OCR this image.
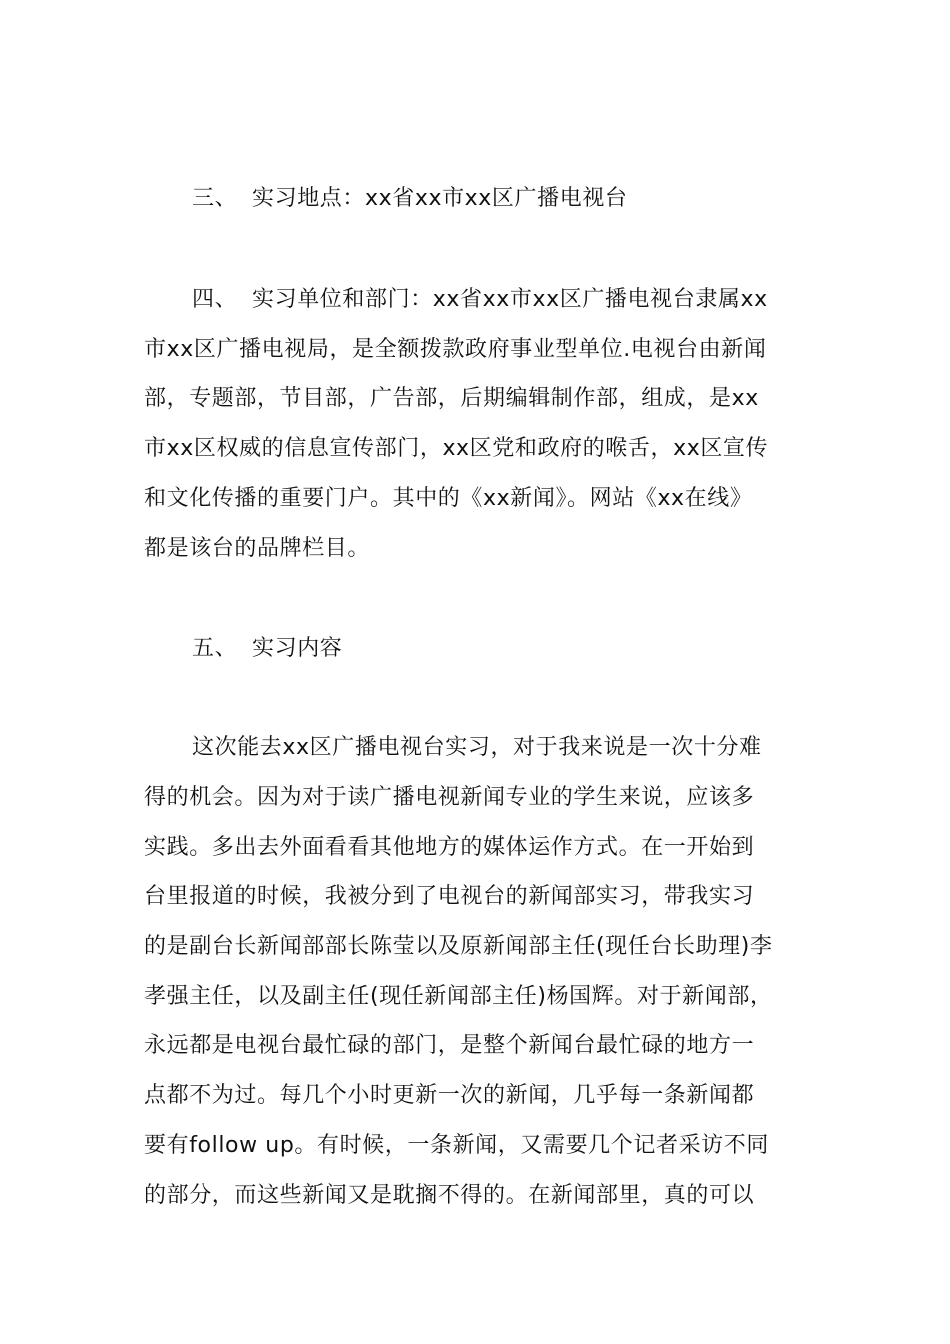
三、 实习地点：xx省xx市xx区广播电视台
四、 实习单位和部门：xx省xx市xx区广播电视台隶属xx
市xx区广播电视局，是全额拨款政府事业型单位.电视台由新闻
部，专题部，节目部，广告部，后期编辑制作部，组成，是xx
市xx区权威的信息宣传部门，xx区党和政府的喉舌，xx区宣传
和文化传播的重要门户。其中的《xx新闻》。网站《xx在线》
都是该台的品牌栏目。
五、 实习内容
这次能去xx区广播电视台实习，对于我来说是一次十分难
得的机会。因为对于读广播电视新闻专业的学生来说，应该多
实践。多出去外面看看其他地方的媒体运作方式。在一开始到
台里报道的时候，我被分到了电视台的新闻部实习，带我实习
的是副台长新闻部部长陈莹以及原新闻部主任(现任台长助理)李
孝强主任，以及副主任(现任新闻部主任)杨国辉。对于新闻部，
永远都是电视台最忙碌的部门，是整个新闻台最忙碌的地方一
点都不为过。每几个小时更新一次的新闻，几乎每一条新闻都
要有follow up。有时候，一条新闻，又需要几个记者采访不同
的部分，而这些新闻又是耽搁不得的。在新闻部里，真的可以
